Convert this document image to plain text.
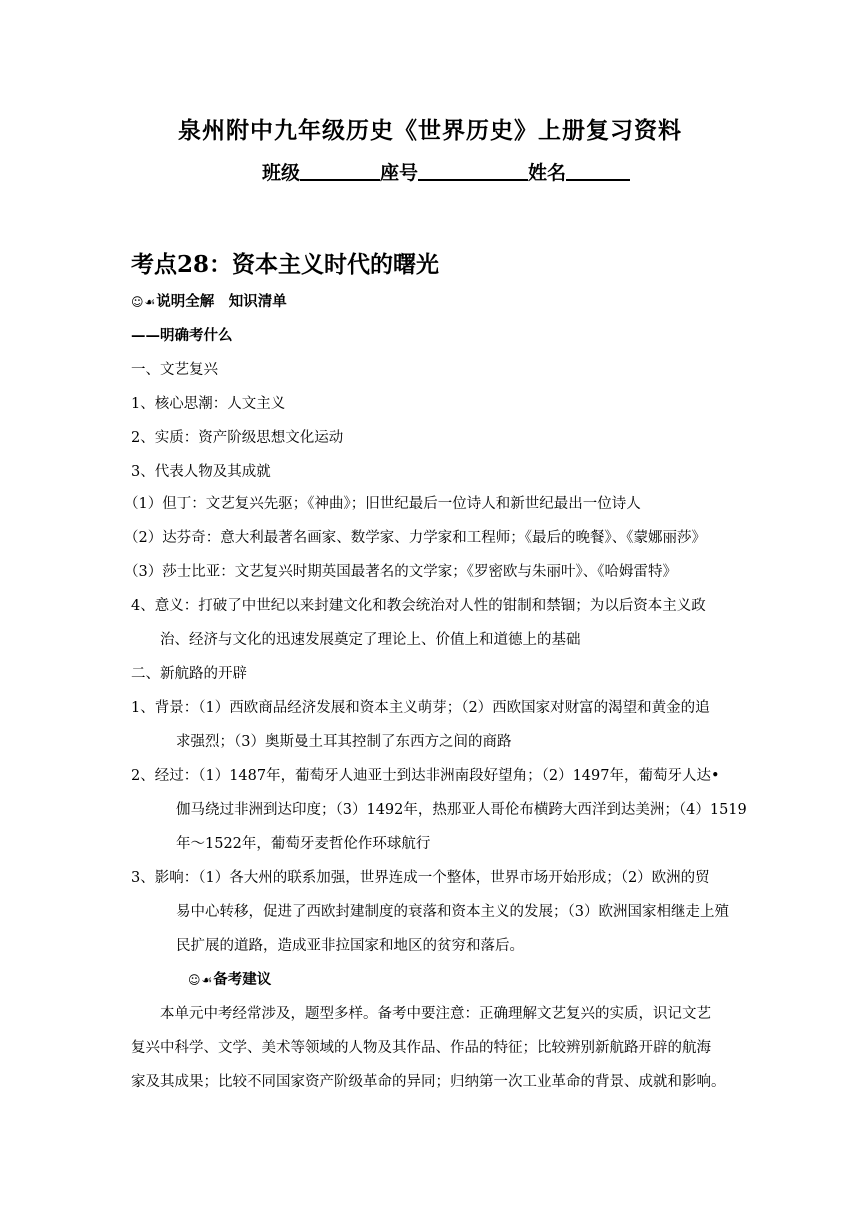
泉州附中九年级历史《世界历史》上册复习资料
班级	座号	姓名
考点28：资本主义时代的曙光
☺☙说明全解　知识清单
——明确考什么
一、文艺复兴
1、核心思潮：人文主义
2、实质：资产阶级思想文化运动
3、代表人物及其成就
（1）但丁：文艺复兴先驱；《神曲》；旧世纪最后一位诗人和新世纪最出一位诗人
（2）达芬奇：意大利最著名画家、数学家、力学家和工程师；《最后的晚餐》、《蒙娜丽莎》
（3）莎士比亚：文艺复兴时期英国最著名的文学家；《罗密欧与朱丽叶》、《哈姆雷特》
4、意义：打破了中世纪以来封建文化和教会统治对人性的钳制和禁锢；为以后资本主义政
治、经济与文化的迅速发展奠定了理论上、价值上和道德上的基础
二、新航路的开辟
1、背景：（1）西欧商品经济发展和资本主义萌芽；（2）西欧国家对财富的渴望和黄金的追
求强烈；（3）奥斯曼土耳其控制了东西方之间的商路
2、经过：（1）1487年，葡萄牙人迪亚士到达非洲南段好望角；（2）1497年，葡萄牙人达•
伽马绕过非洲到达印度；（3）1492年，热那亚人哥伦布横跨大西洋到达美洲；（4）1519
年～1522年，葡萄牙麦哲伦作环球航行
3、影响：（1）各大州的联系加强，世界连成一个整体，世界市场开始形成；（2）欧洲的贸
易中心转移，促进了西欧封建制度的衰落和资本主义的发展；（3）欧洲国家相继走上殖
民扩展的道路，造成亚非拉国家和地区的贫穷和落后。
☺☙备考建议
本单元中考经常涉及，题型多样。备考中要注意：正确理解文艺复兴的实质，识记文艺
复兴中科学、文学、美术等领域的人物及其作品、作品的特征；比较辨别新航路开辟的航海
家及其成果；比较不同国家资产阶级革命的异同；归纳第一次工业革命的背景、成就和影响。
